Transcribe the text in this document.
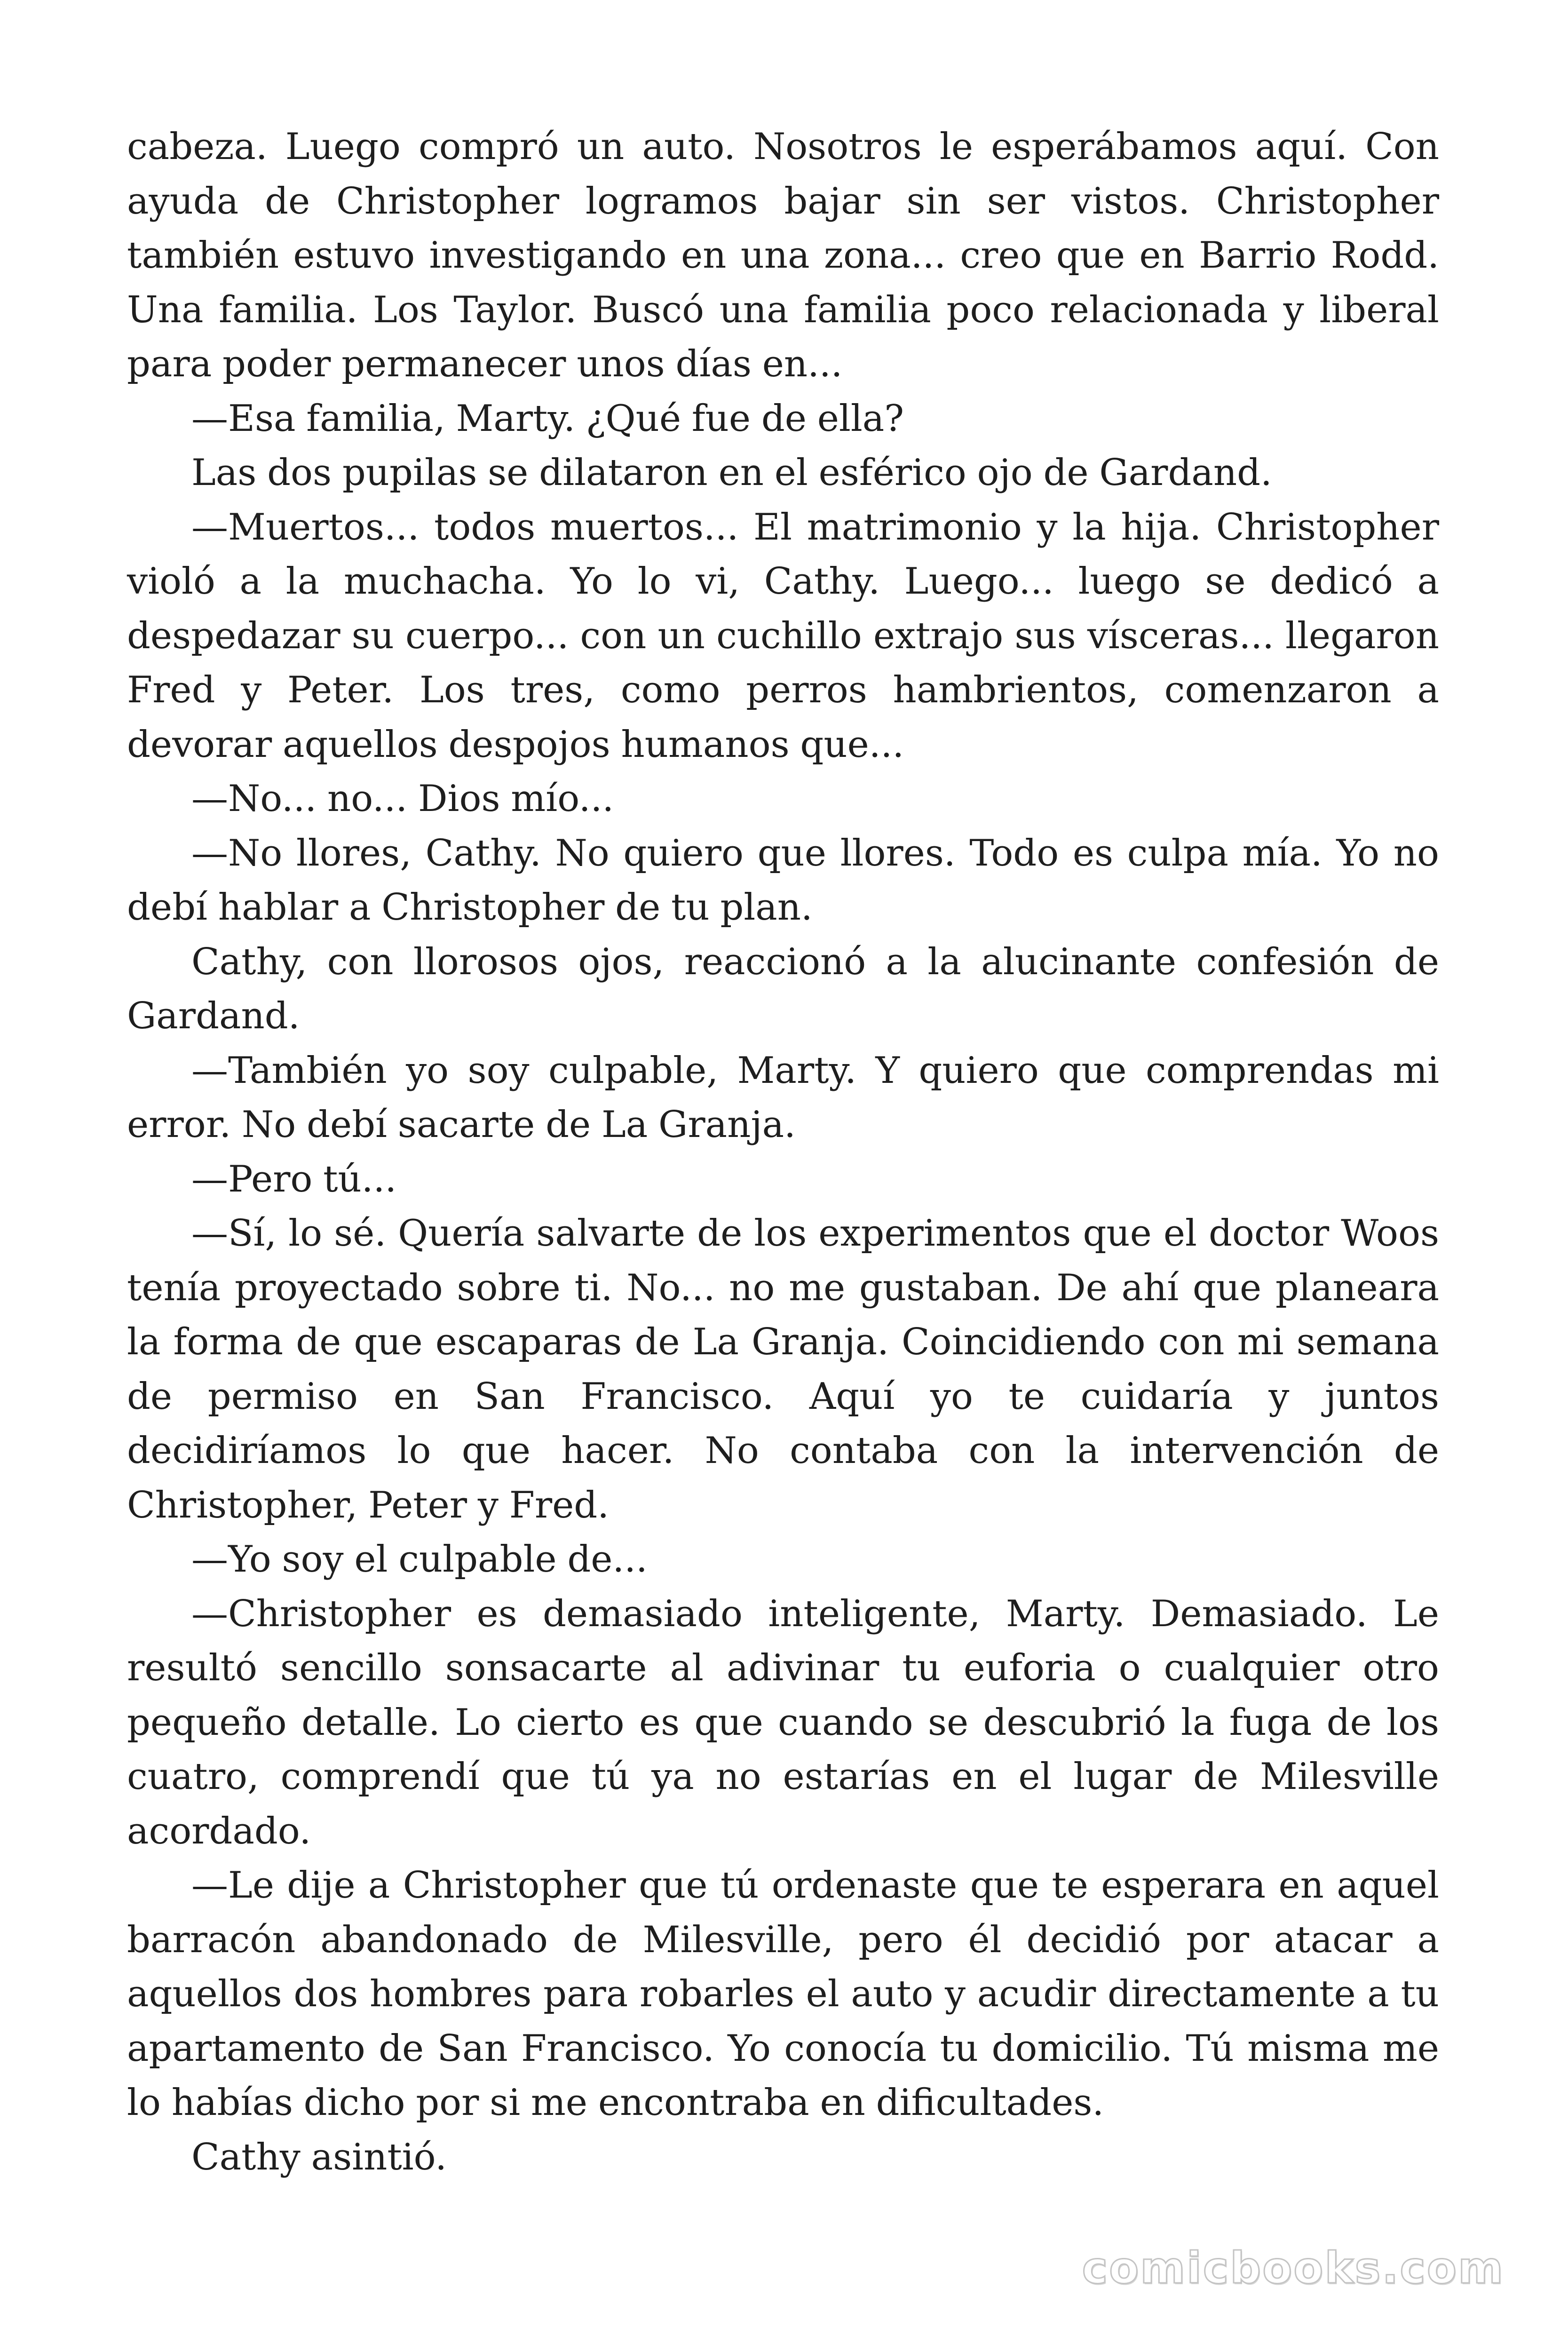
cabeza. Luego compró un auto. Nosotros le esperábamos aquí. Con ayuda de Christopher logramos bajar sin ser vistos. Christopher también estuvo investigando en una zona... creo que en Barrio Rodd. Una familia. Los Taylor. Buscó una familia poco relacionada y liberal para poder permanecer unos días en...

—Esa familia, Marty. ¿Qué fue de ella?

Las dos pupilas se dilataron en el esférico ojo de Gardand.

—Muertos... todos muertos... El matrimonio y la hija. Christopher violó a la muchacha. Yo lo vi, Cathy. Luego... luego se dedicó a despedazar su cuerpo... con un cuchillo extrajo sus vísceras... llegaron Fred y Peter. Los tres, como perros hambrientos, comenzaron a devorar aquellos despojos humanos que...

—No... no... Dios mío...

—No llores, Cathy. No quiero que llores. Todo es culpa mía. Yo no debí hablar a Christopher de tu plan.

Cathy, con llorosos ojos, reaccionó a la alucinante confesión de Gardand.

—También yo soy culpable, Marty. Y quiero que comprendas mi error. No debí sacarte de La Granja.

—Pero tú...

—Sí, lo sé. Quería salvarte de los experimentos que el doctor Woos tenía proyectado sobre ti. No... no me gustaban. De ahí que planeara la forma de que escaparas de La Granja. Coincidiendo con mi semana de permiso en San Francisco. Aquí yo te cuidaría y juntos decidiríamos lo que hacer. No contaba con la intervención de Christopher, Peter y Fred.

—Yo soy el culpable de...

—Christopher es demasiado inteligente, Marty. Demasiado. Le resultó sencillo sonsacarte al adivinar tu euforia o cualquier otro pequeño detalle. Lo cierto es que cuando se descubrió la fuga de los cuatro, comprendí que tú ya no estarías en el lugar de Milesville acordado.

—Le dije a Christopher que tú ordenaste que te esperara en aquel barracón abandonado de Milesville, pero él decidió por atacar a aquellos dos hombres para robarles el auto y acudir directamente a tu apartamento de San Francisco. Yo conocía tu domicilio. Tú misma me lo habías dicho por si me encontraba en dificultades.

Cathy asintió.

comicbooks.com
